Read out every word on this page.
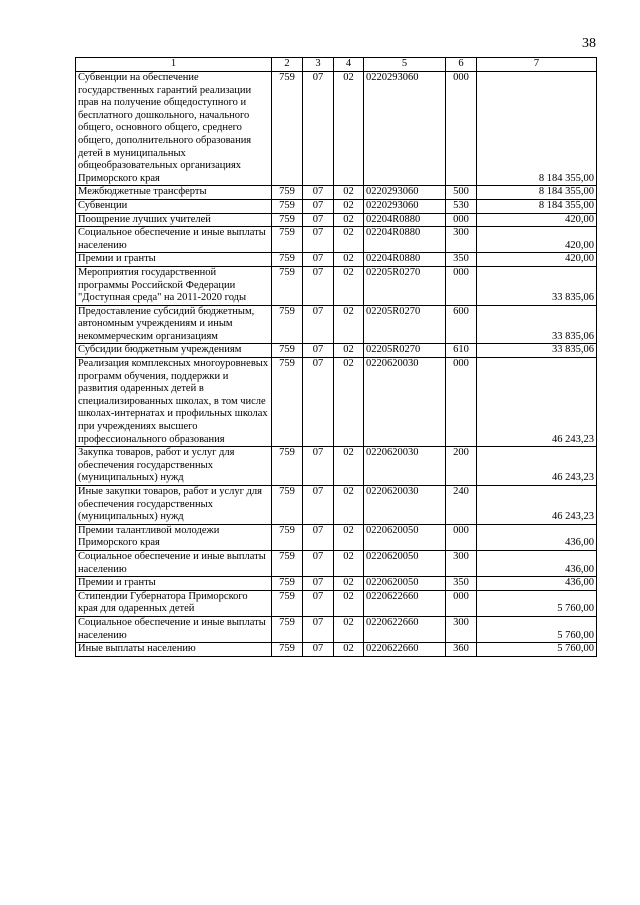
38
1	2	3	4	5	6	7
Субвенции на обеспечение государственных гарантий реализации прав на получение общедоступного и бесплатного дошкольного, начального общего, основного общего, среднего общего, дополнительного образования детей в муниципальных общеобразовательных организациях Приморского края	759	07	02	0220293060	000	8 184 355,00
Межбюджетные трансферты	759	07	02	0220293060	500	8 184 355,00
Субвенции	759	07	02	0220293060	530	8 184 355,00
Поощрение лучших учителей	759	07	02	02204R0880	000	420,00
Социальное обеспечение и иные выплаты населению	759	07	02	02204R0880	300	420,00
Премии и гранты	759	07	02	02204R0880	350	420,00
Мероприятия государственной программы Российской Федерации "Доступная среда" на 2011-2020 годы	759	07	02	02205R0270	000	33 835,06
Предоставление субсидий бюджетным, автономным учреждениям и иным некоммерческим организациям	759	07	02	02205R0270	600	33 835,06
Субсидии бюджетным учреждениям	759	07	02	02205R0270	610	33 835,06
Реализация комплексных многоуровневых программ обучения, поддержки и развития одаренных детей в специализированных школах, в том числе школах-интернатах и профильных школах при учреждениях высшего профессионального образования	759	07	02	0220620030	000	46 243,23
Закупка товаров, работ и услуг для обеспечения государственных (муниципальных) нужд	759	07	02	0220620030	200	46 243,23
Иные закупки товаров, работ и услуг для обеспечения государственных (муниципальных) нужд	759	07	02	0220620030	240	46 243,23
Премии талантливой молодежи Приморского края	759	07	02	0220620050	000	436,00
Социальное обеспечение и иные выплаты населению	759	07	02	0220620050	300	436,00
Премии и гранты	759	07	02	0220620050	350	436,00
Стипендии Губернатора Приморского края для одаренных детей	759	07	02	0220622660	000	5 760,00
Социальное обеспечение и иные выплаты населению	759	07	02	0220622660	300	5 760,00
Иные выплаты населению	759	07	02	0220622660	360	5 760,00
